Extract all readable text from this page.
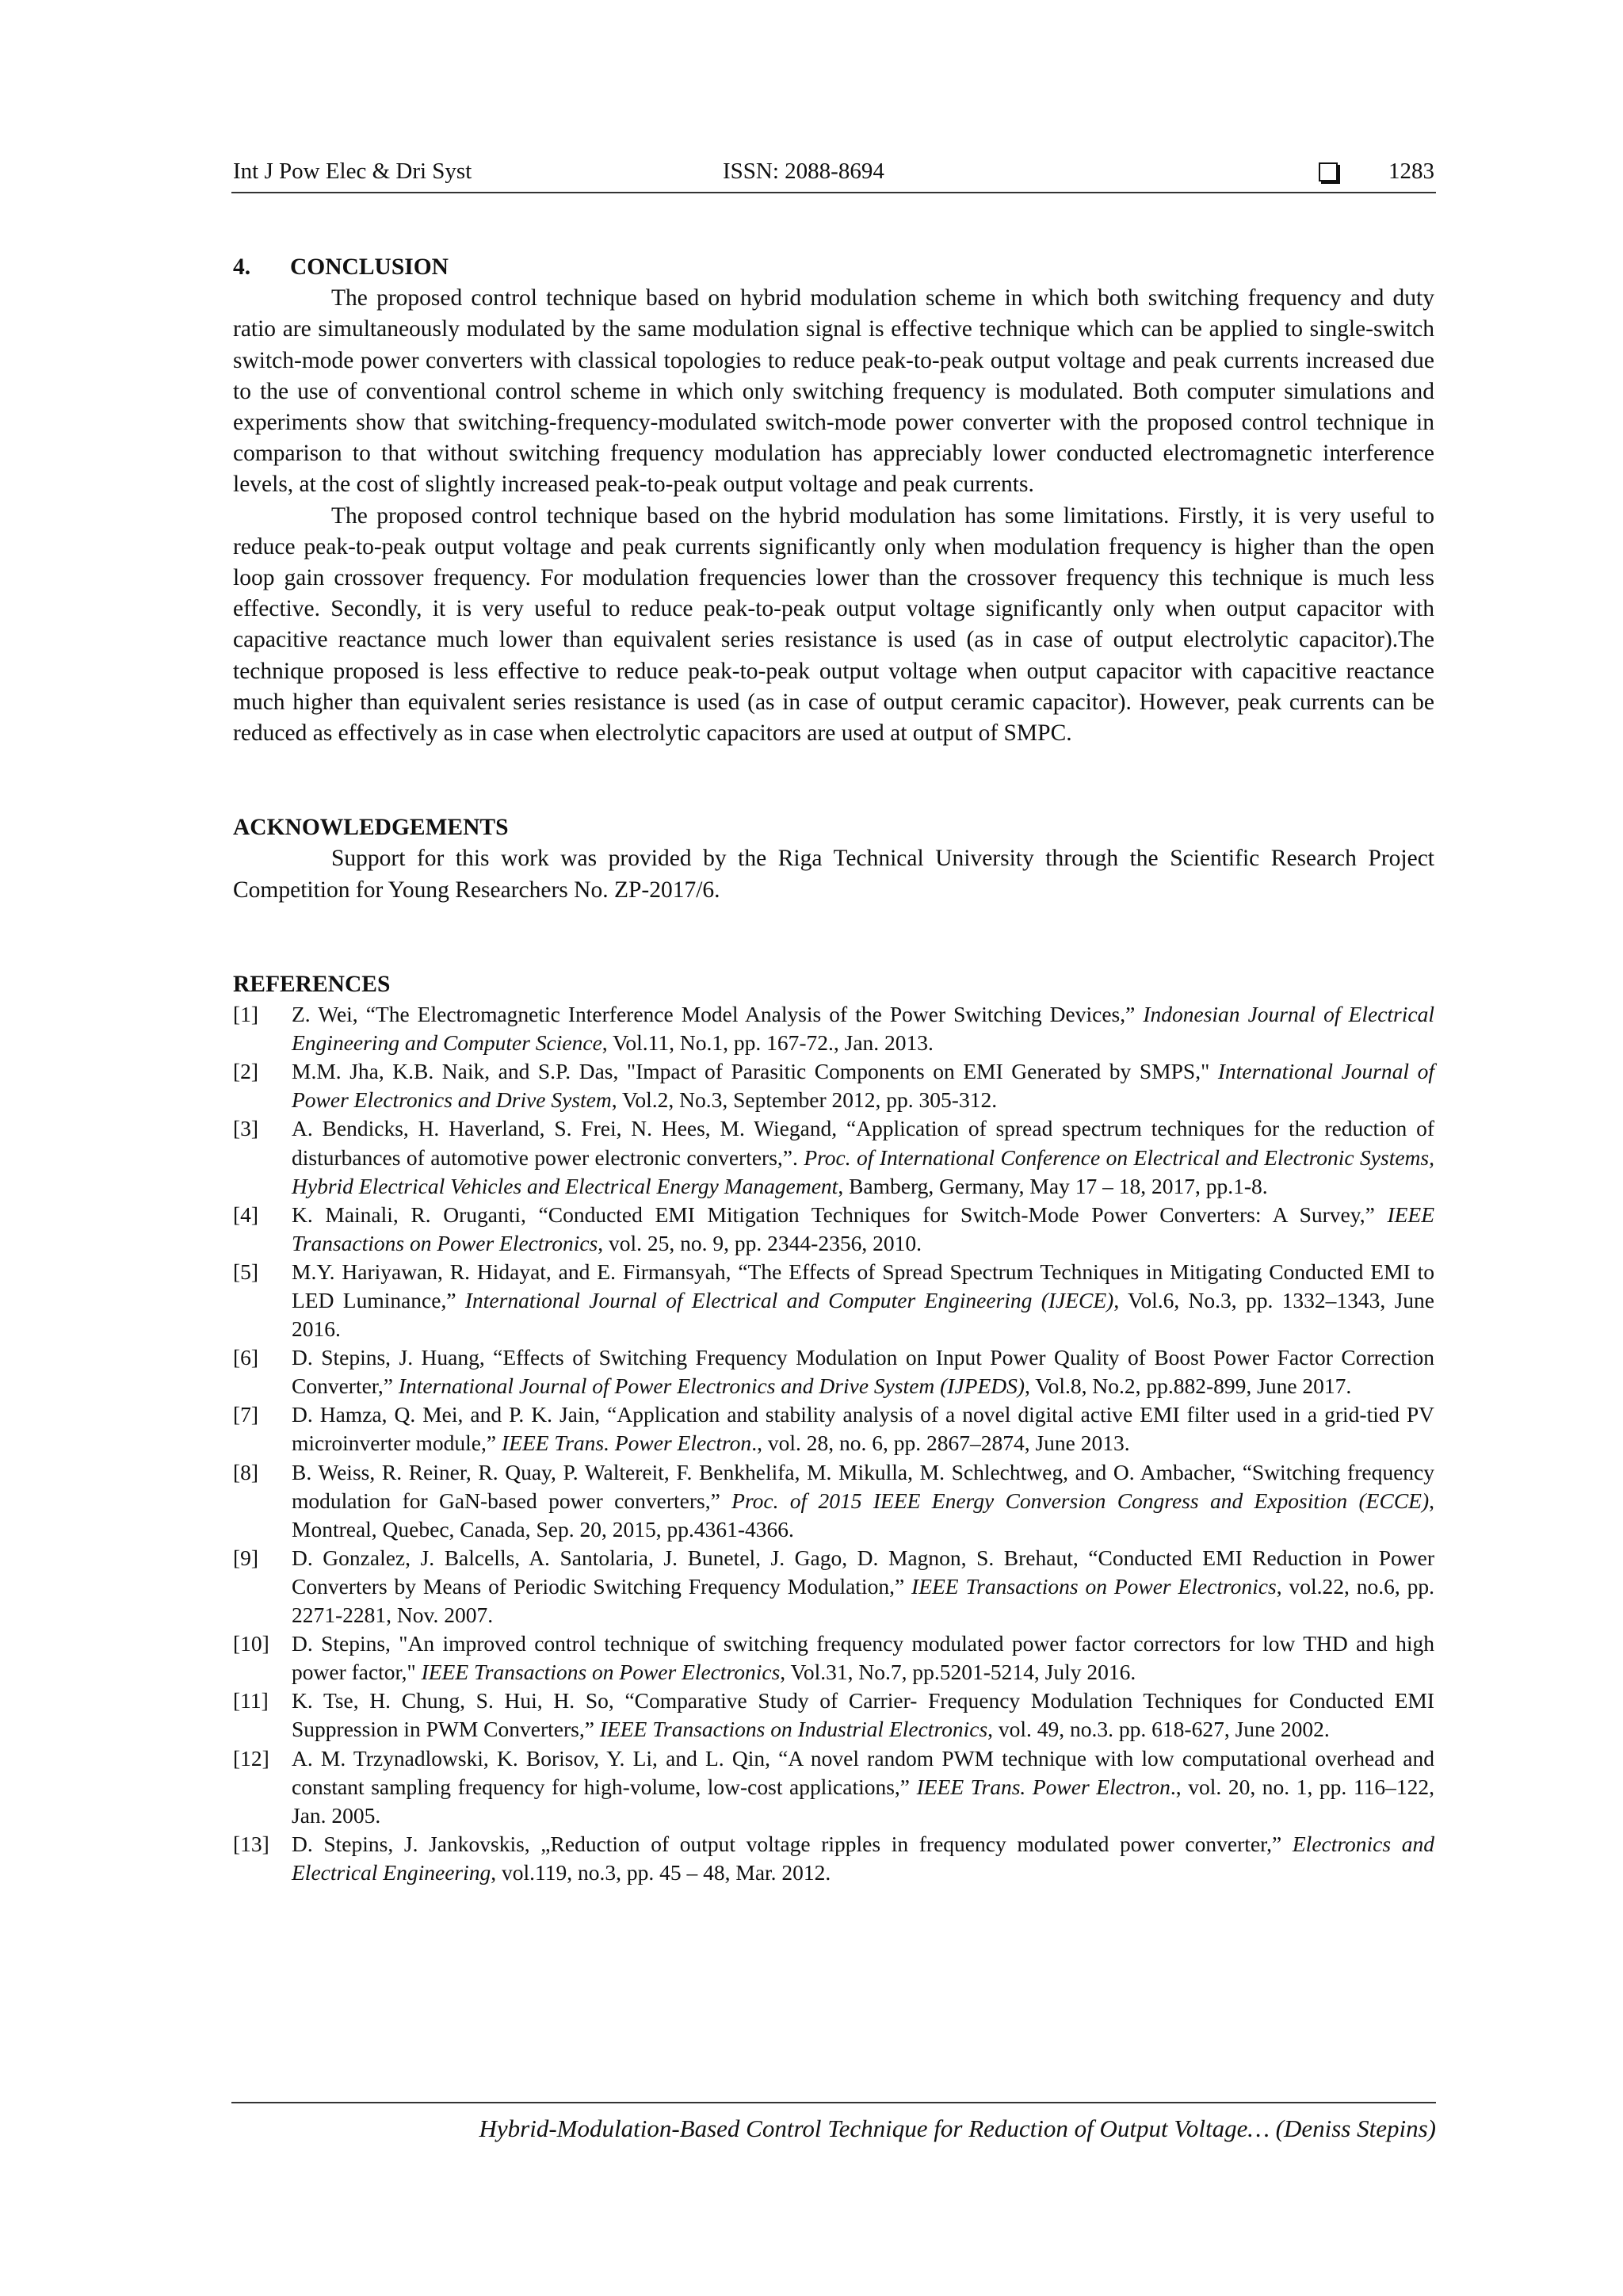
Int J Pow Elec & Dri Syst	ISSN: 2088-8694	1283

4. CONCLUSION

The proposed control technique based on hybrid modulation scheme in which both switching frequency and duty ratio are simultaneously modulated by the same modulation signal is effective technique which can be applied to single-switch switch-mode power converters with classical topologies to reduce peak-to-peak output voltage and peak currents increased due to the use of conventional control scheme in which only switching frequency is modulated. Both computer simulations and experiments show that switching-frequency-modulated switch-mode power converter with the proposed control technique in comparison to that without switching frequency modulation has appreciably lower conducted electromagnetic interference levels, at the cost of slightly increased peak-to-peak output voltage and peak currents.

The proposed control technique based on the hybrid modulation has some limitations. Firstly, it is very useful to reduce peak-to-peak output voltage and peak currents significantly only when modulation frequency is higher than the open loop gain crossover frequency. For modulation frequencies lower than the crossover frequency this technique is much less effective. Secondly, it is very useful to reduce peak-to-peak output voltage significantly only when output capacitor with capacitive reactance much lower than equivalent series resistance is used (as in case of output electrolytic capacitor).The technique proposed is less effective to reduce peak-to-peak output voltage when output capacitor with capacitive reactance much higher than equivalent series resistance is used (as in case of output ceramic capacitor). However, peak currents can be reduced as effectively as in case when electrolytic capacitors are used at output of SMPC.

ACKNOWLEDGEMENTS

Support for this work was provided by the Riga Technical University through the Scientific Research Project Competition for Young Researchers No. ZP-2017/6.

REFERENCES

[1]	Z. Wei, “The Electromagnetic Interference Model Analysis of the Power Switching Devices,” Indonesian Journal of Electrical Engineering and Computer Science, Vol.11, No.1, pp. 167-72., Jan. 2013.
[2]	M.M. Jha, K.B. Naik, and S.P. Das, "Impact of Parasitic Components on EMI Generated by SMPS," International Journal of Power Electronics and Drive System, Vol.2, No.3, September 2012, pp. 305-312.
[3]	A. Bendicks, H. Haverland, S. Frei, N. Hees, M. Wiegand, “Application of spread spectrum techniques for the reduction of disturbances of automotive power electronic converters,”. Proc. of International Conference on Electrical and Electronic Systems, Hybrid Electrical Vehicles and Electrical Energy Management, Bamberg, Germany, May 17 – 18, 2017, pp.1-8.
[4]	K. Mainali, R. Oruganti, “Conducted EMI Mitigation Techniques for Switch-Mode Power Converters: A Survey,” IEEE Transactions on Power Electronics, vol. 25, no. 9, pp. 2344-2356, 2010.
[5]	M.Y. Hariyawan, R. Hidayat, and E. Firmansyah, “The Effects of Spread Spectrum Techniques in Mitigating Conducted EMI to LED Luminance,” International Journal of Electrical and Computer Engineering (IJECE), Vol.6, No.3, pp. 1332–1343, June 2016.
[6]	D. Stepins, J. Huang, “Effects of Switching Frequency Modulation on Input Power Quality of Boost Power Factor Correction Converter,” International Journal of Power Electronics and Drive System (IJPEDS), Vol.8, No.2, pp.882-899, June 2017.
[7]	D. Hamza, Q. Mei, and P. K. Jain, “Application and stability analysis of a novel digital active EMI filter used in a grid-tied PV microinverter module,” IEEE Trans. Power Electron., vol. 28, no. 6, pp. 2867–2874, June 2013.
[8]	B. Weiss, R. Reiner, R. Quay, P. Waltereit, F. Benkhelifa, M. Mikulla, M. Schlechtweg, and O. Ambacher, “Switching frequency modulation for GaN-based power converters,” Proc. of 2015 IEEE Energy Conversion Congress and Exposition (ECCE), Montreal, Quebec, Canada, Sep. 20, 2015, pp.4361-4366.
[9]	D. Gonzalez, J. Balcells, A. Santolaria, J. Bunetel, J. Gago, D. Magnon, S. Brehaut, “Conducted EMI Reduction in Power Converters by Means of Periodic Switching Frequency Modulation,” IEEE Transactions on Power Electronics, vol.22, no.6, pp. 2271-2281, Nov. 2007.
[10]	D. Stepins, "An improved control technique of switching frequency modulated power factor correctors for low THD and high power factor," IEEE Transactions on Power Electronics, Vol.31, No.7, pp.5201-5214, July 2016.
[11]	K. Tse, H. Chung, S. Hui, H. So, “Comparative Study of Carrier- Frequency Modulation Techniques for Conducted EMI Suppression in PWM Converters,” IEEE Transactions on Industrial Electronics, vol. 49, no.3. pp. 618-627, June 2002.
[12]	A. M. Trzynadlowski, K. Borisov, Y. Li, and L. Qin, “A novel random PWM technique with low computational overhead and constant sampling frequency for high-volume, low-cost applications,” IEEE Trans. Power Electron., vol. 20, no. 1, pp. 116–122, Jan. 2005.
[13]	D. Stepins, J. Jankovskis, „Reduction of output voltage ripples in frequency modulated power converter,” Electronics and Electrical Engineering, vol.119, no.3, pp. 45 – 48, Mar. 2012.
Hybrid-Modulation-Based Control Technique for Reduction of Output Voltage… (Deniss Stepins)
